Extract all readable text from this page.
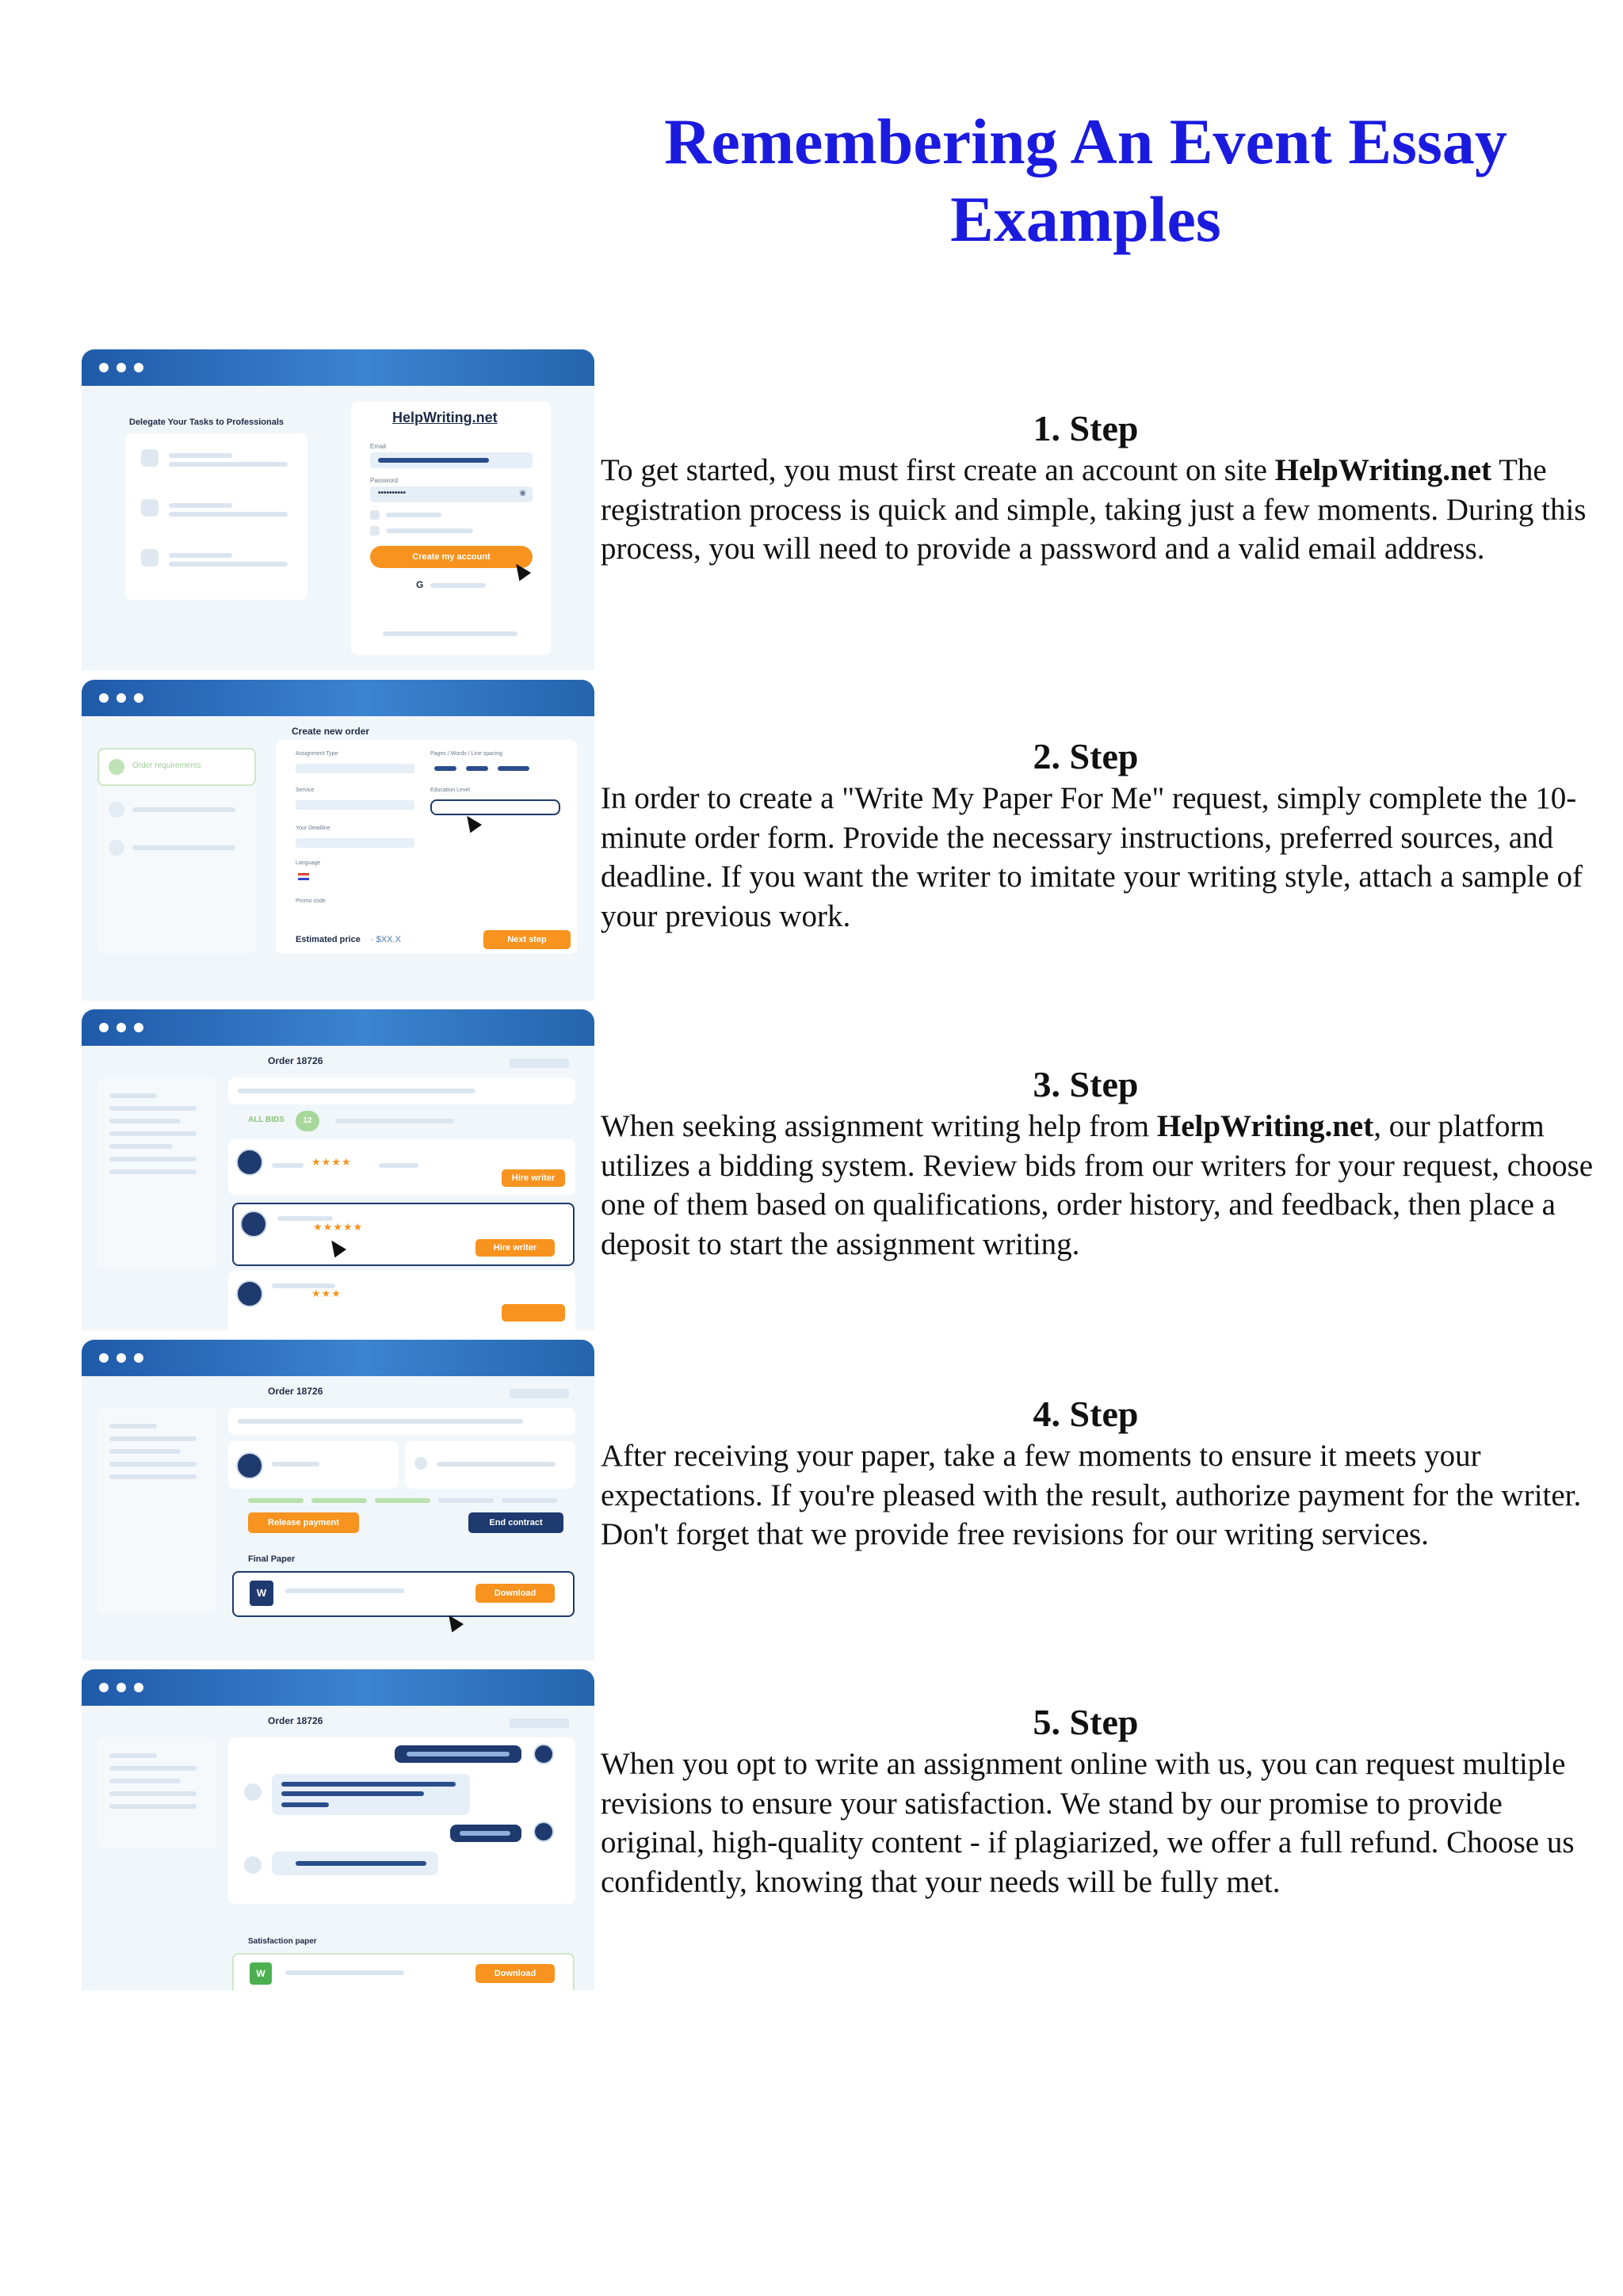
Remembering An Event Essay Examples
Delegate Your Tasks to Professionals	HelpWriting.net
Email
Password
••••••••••	◉
Create my account
G
Create new order
Order requirements
Assignment Type	Pages / Words / Line spacing
Service	Education Level
Your Deadline
Language
Promo code
Estimated price · $XX.X	Next step
Order 18726
ALL BIDS	12
★★★★
Hire writer
★★★★★
Hire writer
★★★
Order 18726
Release payment	End contract
Final Paper
W	Download
Order 18726
Satisfaction paper
W	Download
1. Step

To get started, you must first create an account on site HelpWriting.net The registration process is quick and simple, taking just a few moments. During this process, you will need to provide a password and a valid email address.

2. Step

In order to create a "Write My Paper For Me" request, simply complete the 10-minute order form. Provide the necessary instructions, preferred sources, and deadline. If you want the writer to imitate your writing style, attach a sample of your previous work.

3. Step

When seeking assignment writing help from HelpWriting.net, our platform utilizes a bidding system. Review bids from our writers for your request, choose one of them based on qualifications, order history, and feedback, then place a deposit to start the assignment writing.

4. Step

After receiving your paper, take a few moments to ensure it meets your expectations. If you're pleased with the result, authorize payment for the writer. Don't forget that we provide free revisions for our writing services.

5. Step

When you opt to write an assignment online with us, you can request multiple revisions to ensure your satisfaction. We stand by our promise to provide original, high-quality content - if plagiarized, we offer a full refund. Choose us confidently, knowing that your needs will be fully met.
